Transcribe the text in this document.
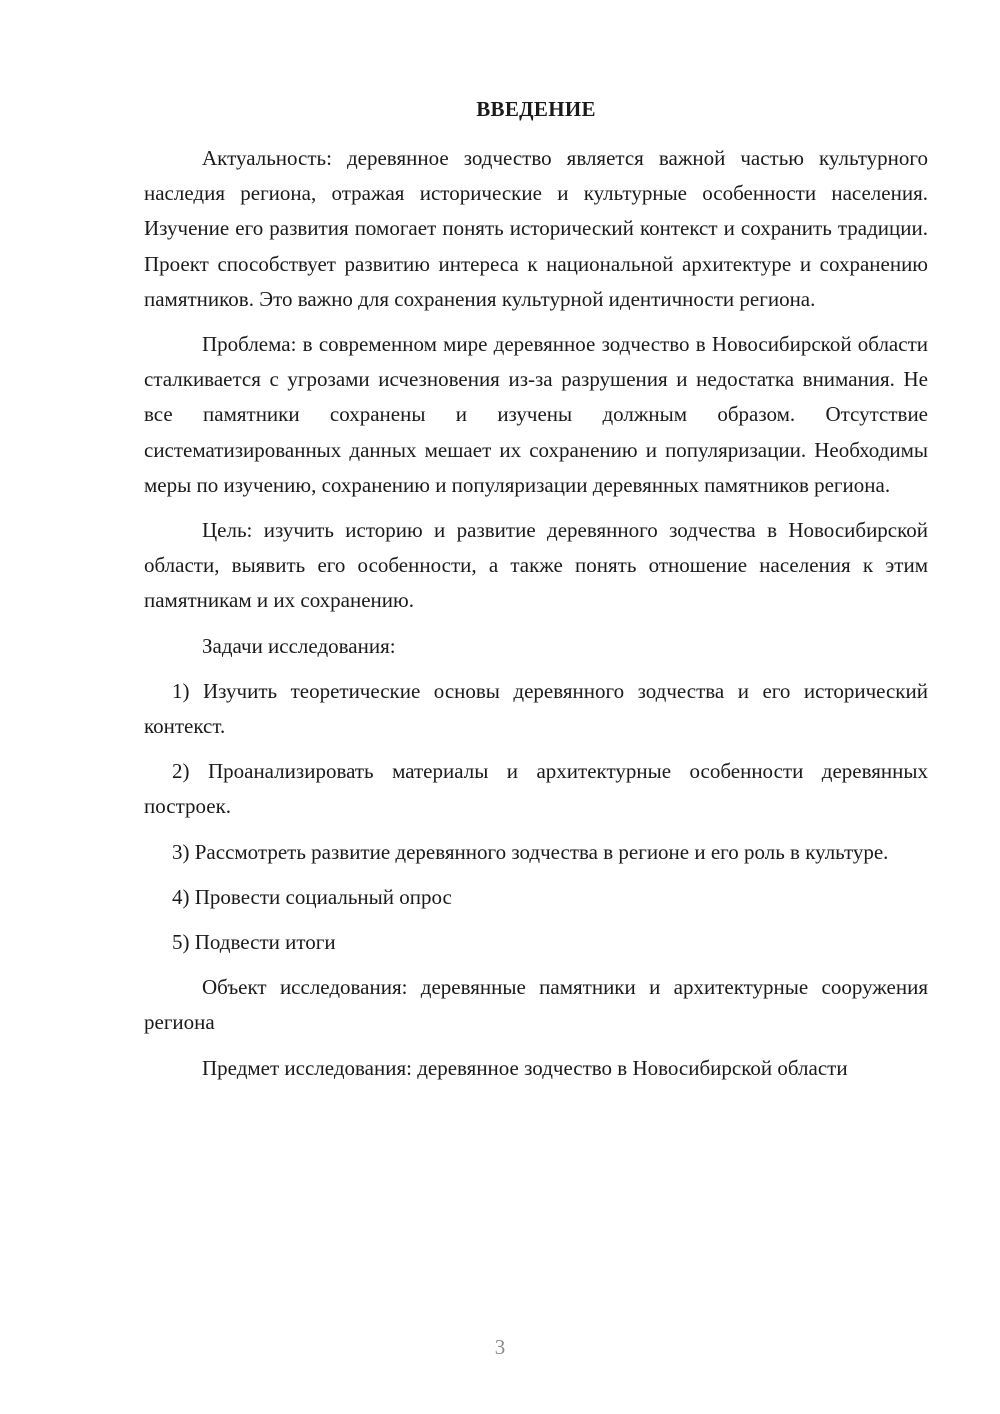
ВВЕДЕНИЕ

Актуальность: деревянное зодчество является важной частью культурного наследия региона, отражая исторические и культурные особенности населения. Изучение его развития помогает понять исторический контекст и сохранить традиции. Проект способствует развитию интереса к национальной архитектуре и сохранению памятников. Это важно для сохранения культурной идентичности региона.

Проблема: в современном мире деревянное зодчество в Новосибирской области сталкивается с угрозами исчезновения из-за разрушения и недостатка внимания. Не все памятники сохранены и изучены должным образом. Отсутствие систематизированных данных мешает их сохранению и популяризации. Необходимы меры по изучению, сохранению и популяризации деревянных памятников региона.

Цель: изучить историю и развитие деревянного зодчества в Новосибирской области, выявить его особенности, а также понять отношение населения к этим памятникам и их сохранению.

Задачи исследования:

1) Изучить теоретические основы деревянного зодчества и его исторический контекст.

2) Проанализировать материалы и архитектурные особенности деревянных построек.

3) Рассмотреть развитие деревянного зодчества в регионе и его роль в культуре.

4) Провести социальный опрос

5) Подвести итоги

Объект исследования: деревянные памятники и архитектурные сооружения региона

Предмет исследования: деревянное зодчество в Новосибирской области

3
